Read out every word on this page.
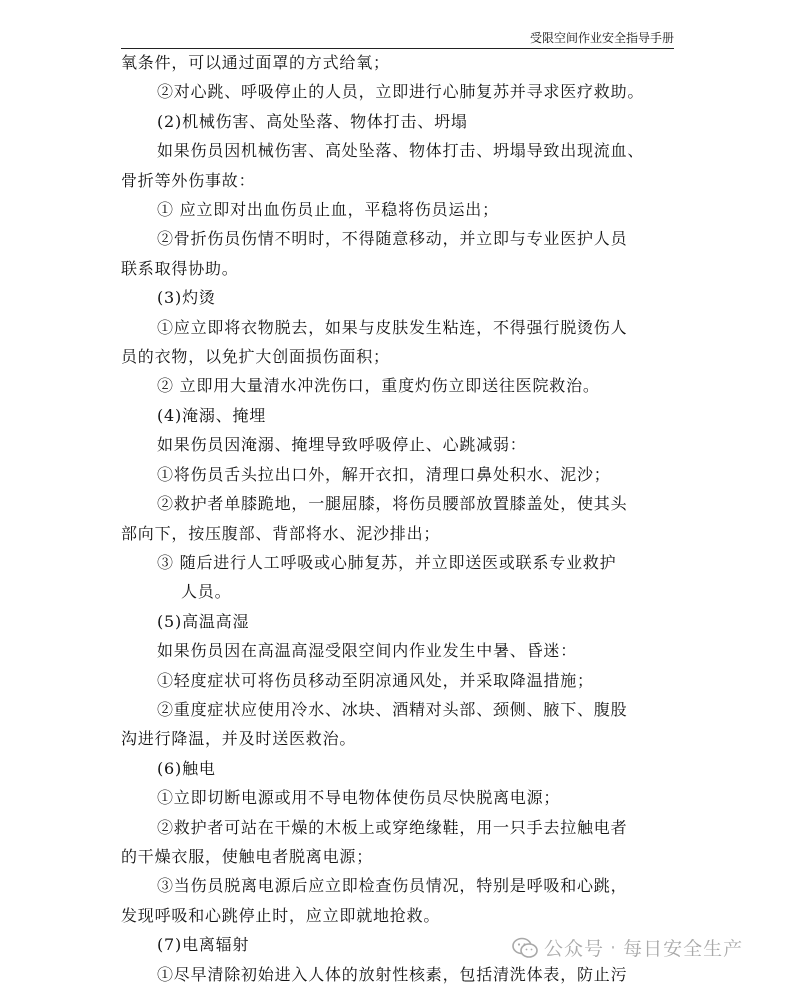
受限空间作业安全指导手册

氧条件，可以通过面罩的方式给氧；

②对心跳、呼吸停止的人员，立即进行心肺复苏并寻求医疗救助。

(2)机械伤害、高处坠落、物体打击、坍塌

如果伤员因机械伤害、高处坠落、物体打击、坍塌导致出现流血、

骨折等外伤事故：

① 应立即对出血伤员止血，平稳将伤员运出；

②骨折伤员伤情不明时，不得随意移动，并立即与专业医护人员

联系取得协助。

(3)灼烫

①应立即将衣物脱去，如果与皮肤发生粘连，不得强行脱烫伤人

员的衣物，以免扩大创面损伤面积；

② 立即用大量清水冲洗伤口，重度灼伤立即送往医院救治。

(4)淹溺、掩埋

如果伤员因淹溺、掩埋导致呼吸停止、心跳减弱：

①将伤员舌头拉出口外，解开衣扣，清理口鼻处积水、泥沙；

②救护者单膝跪地，一腿屈膝，将伤员腰部放置膝盖处，使其头

部向下，按压腹部、背部将水、泥沙排出；

③ 随后进行人工呼吸或心肺复苏，并立即送医或联系专业救护

人员。

(5)高温高湿

如果伤员因在高温高湿受限空间内作业发生中暑、昏迷：

①轻度症状可将伤员移动至阴凉通风处，并采取降温措施；

②重度症状应使用冷水、冰块、酒精对头部、颈侧、腋下、腹股

沟进行降温，并及时送医救治。

(6)触电

①立即切断电源或用不导电物体使伤员尽快脱离电源；

②救护者可站在干燥的木板上或穿绝缘鞋，用一只手去拉触电者

的干燥衣服，使触电者脱离电源；

③当伤员脱离电源后应立即检查伤员情况，特别是呼吸和心跳，

发现呼吸和心跳停止时，应立即就地抢救。

(7)电离辐射

①尽早清除初始进入人体的放射性核素，包括清洗体表，防止污

公众号 · 每日安全生产
